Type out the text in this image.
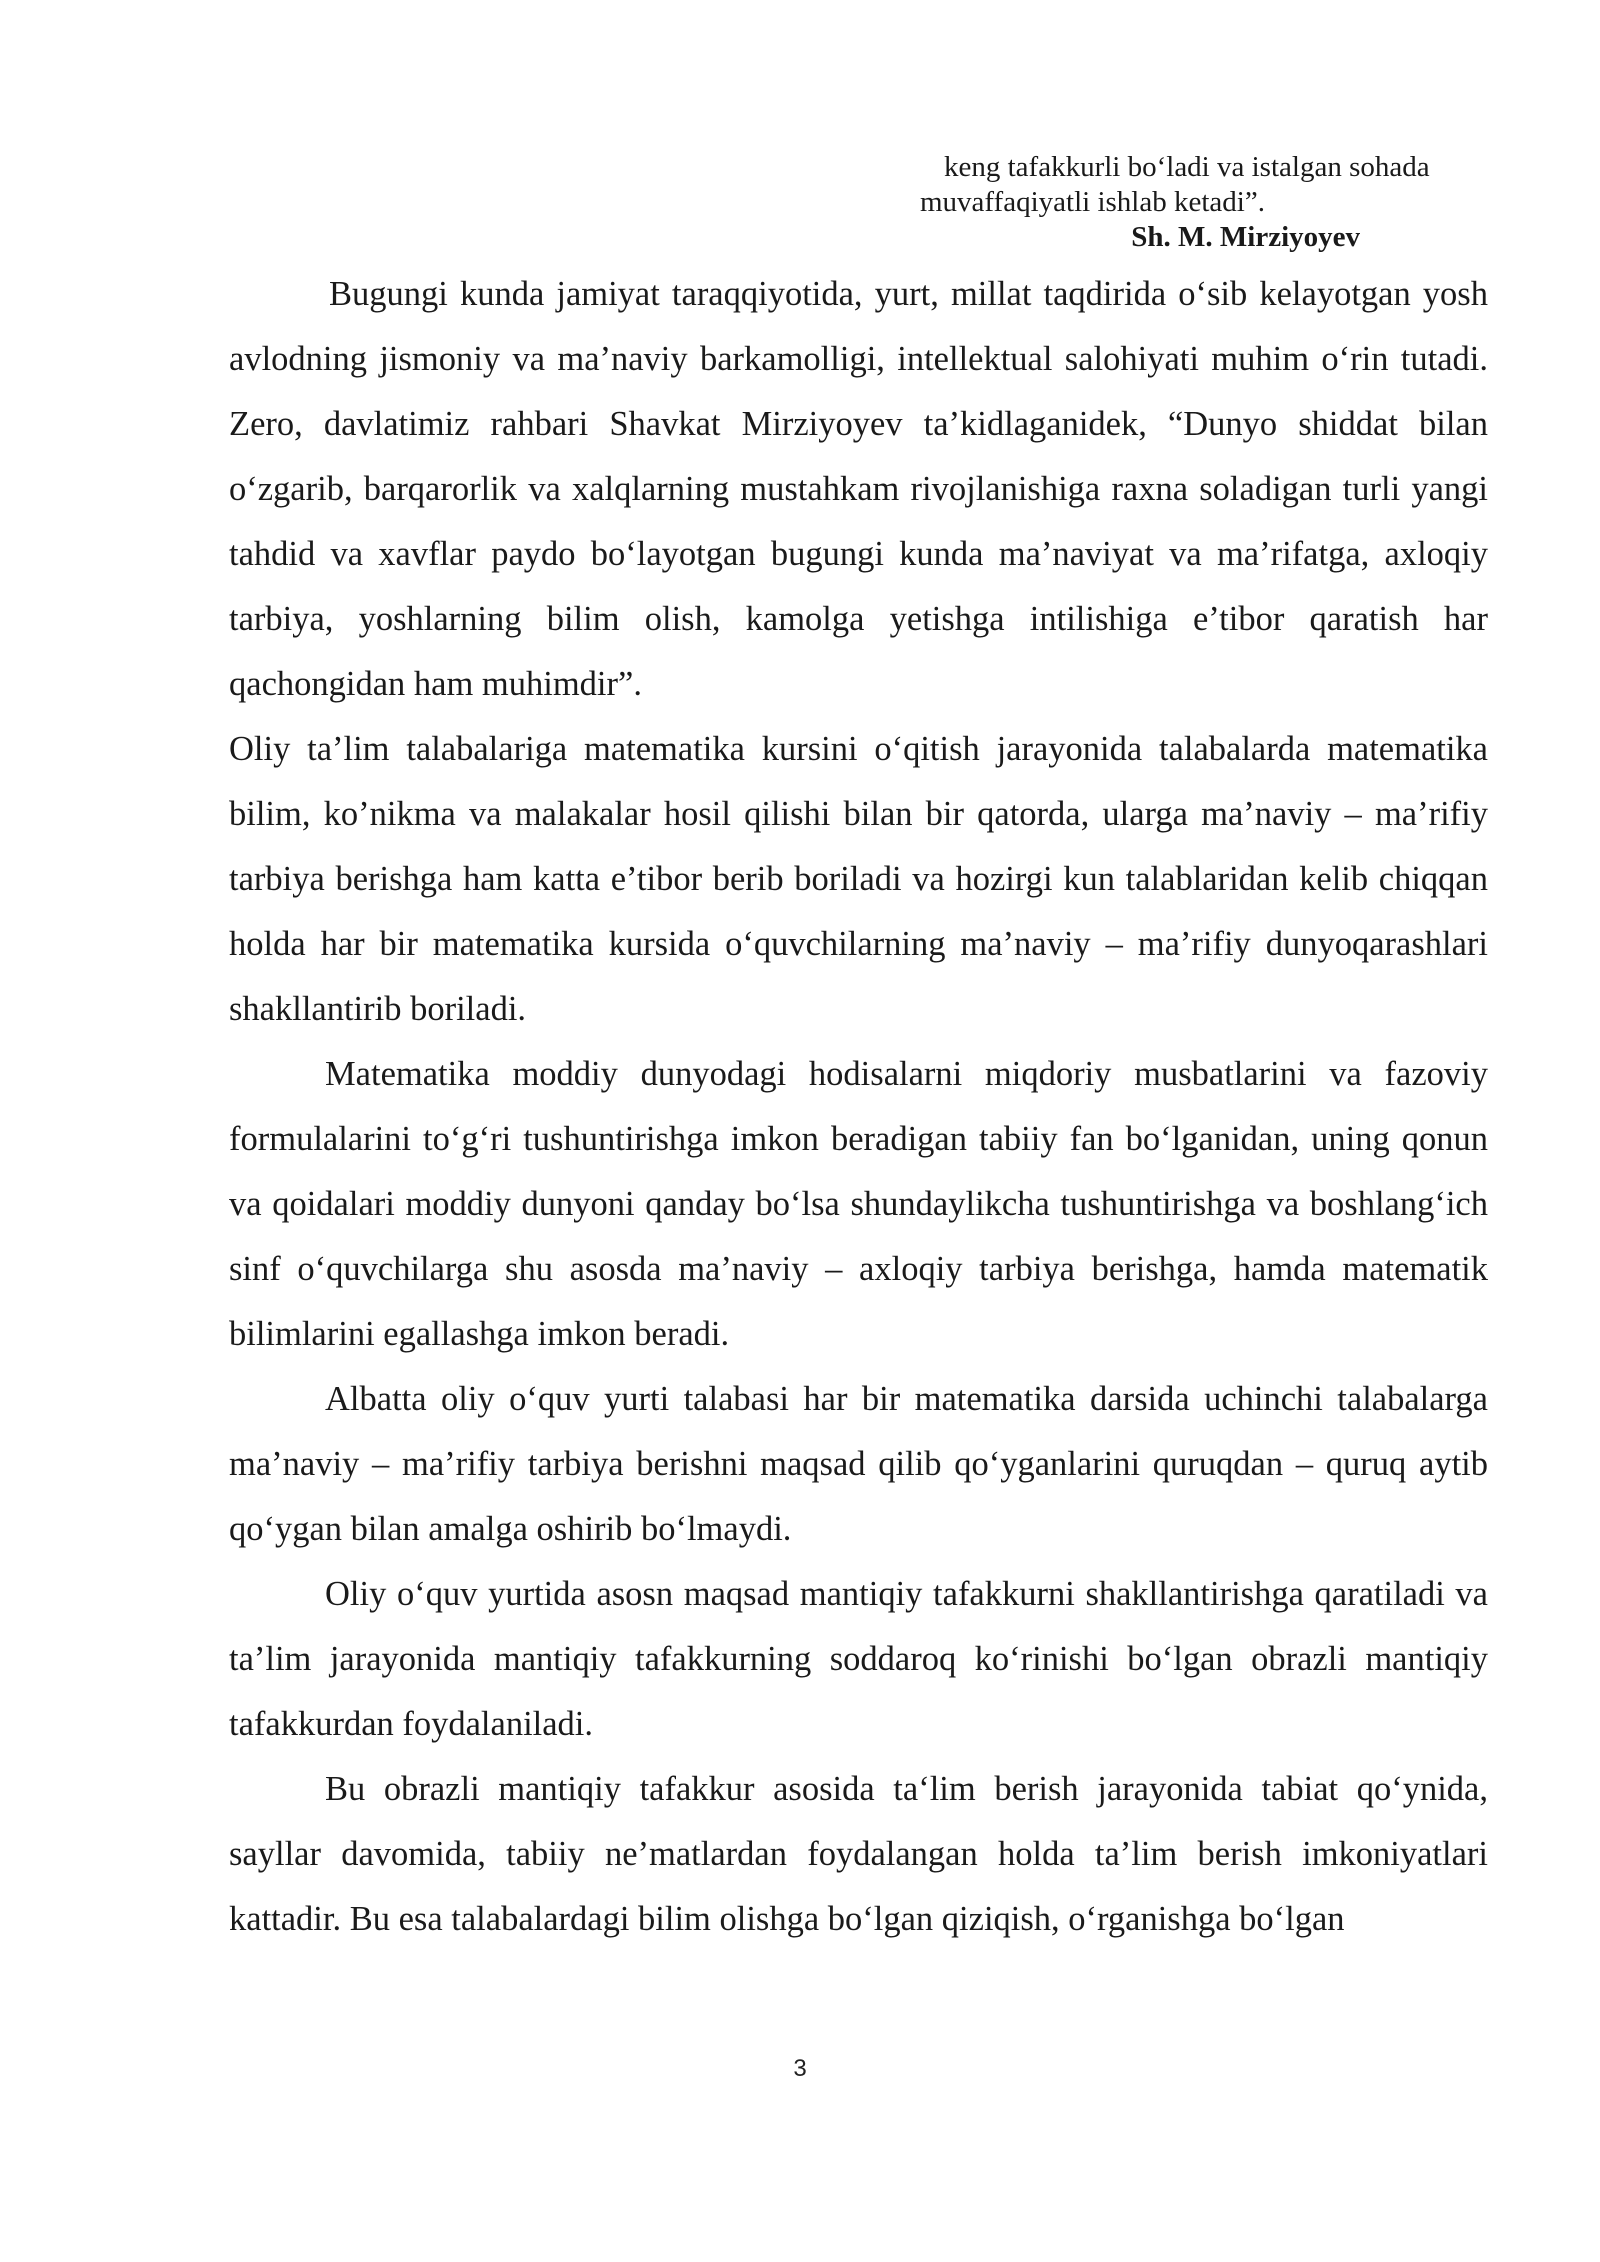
keng tafakkurli bo‘ladi va istalgan sohada
muvaffaqiyatli ishlab ketadi”.
Sh. M. Mirziyoyev

Bugungi kunda jamiyat taraqqiyotida, yurt, millat taqdirida o‘sib kelayotgan yosh avlodning jismoniy va ma’naviy barkamolligi, intellektual salohiyati muhim o‘rin tutadi. Zero, davlatimiz rahbari Shavkat Mirziyoyev ta’kidlaganidek, “Dunyo shiddat bilan o‘zgarib, barqarorlik va xalqlarning mustahkam rivojlanishiga raxna soladigan turli yangi tahdid va xavflar paydo bo‘layotgan bugungi kunda ma’naviyat va ma’rifatga, axloqiy tarbiya, yoshlarning bilim olish, kamolga yetishga intilishiga e’tibor qaratish har qachongidan ham muhimdir”.

Oliy ta’lim talabalariga matematika kursini o‘qitish jarayonida talabalarda matematika bilim, ko’nikma va malakalar hosil qilishi bilan bir qatorda, ularga ma’naviy – ma’rifiy tarbiya berishga ham katta e’tibor berib boriladi va hozirgi kun talablaridan kelib chiqqan holda har bir matematika kursida o‘quvchilarning ma’naviy – ma’rifiy dunyoqarashlari shakllantirib boriladi.

Matematika moddiy dunyodagi hodisalarni miqdoriy musbatlarini va fazoviy formulalarini to‘g‘ri tushuntirishga imkon beradigan tabiiy fan bo‘lganidan, uning qonun va qoidalari moddiy dunyoni qanday bo‘lsa shundaylikcha tushuntirishga va boshlang‘ich sinf o‘quvchilarga shu asosda ma’naviy – axloqiy tarbiya berishga, hamda matematik bilimlarini egallashga imkon beradi.

Albatta oliy o‘quv yurti talabasi har bir matematika darsida uchinchi talabalarga ma’naviy – ma’rifiy tarbiya berishni maqsad qilib qo‘yganlarini quruqdan – quruq aytib qo‘ygan bilan amalga oshirib bo‘lmaydi.

Oliy o‘quv yurtida asosn maqsad mantiqiy tafakkurni shakllantirishga qaratiladi va ta’lim jarayonida mantiqiy tafakkurning soddaroq ko‘rinishi bo‘lgan obrazli mantiqiy tafakkurdan foydalaniladi.

Bu obrazli mantiqiy tafakkur asosida ta‘lim berish jarayonida tabiat qo‘ynida, sayllar davomida, tabiiy ne’matlardan foydalangan holda ta’lim berish imkoniyatlari kattadir. Bu esa talabalardagi bilim olishga bo‘lgan qiziqish, o‘rganishga bo‘lgan

3
